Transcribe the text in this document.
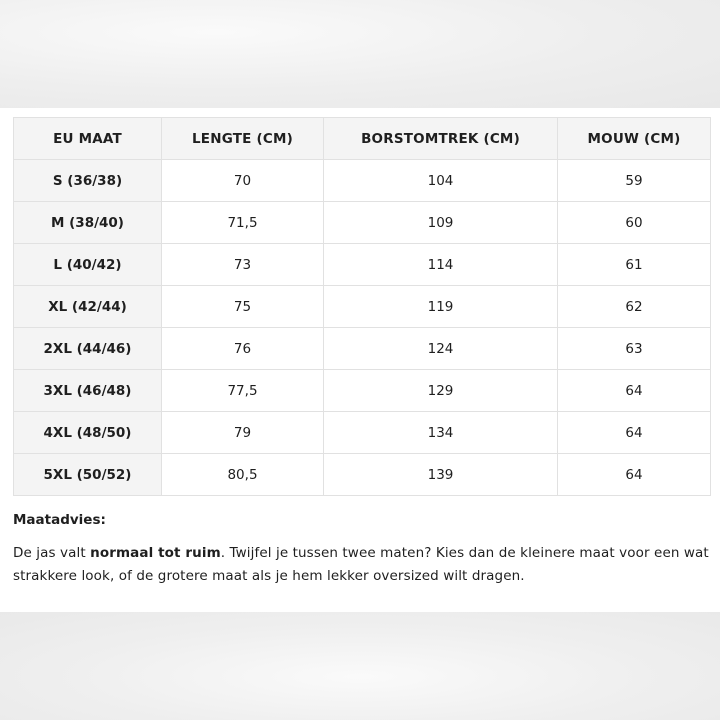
EU MAAT	LENGTE (CM)	BORSTOMTREK (CM)	MOUW (CM)
S (36/38)	70	104	59
M (38/40)	71,5	109	60
L (40/42)	73	114	61
XL (42/44)	75	119	62
2XL (44/46)	76	124	63
3XL (46/48)	77,5	129	64
4XL (48/50)	79	134	64
5XL (50/52)	80,5	139	64

Maatadvies:

De jas valt normaal tot ruim. Twijfel je tussen twee maten? Kies dan de kleinere maat voor een wat strakkere look, of de grotere maat als je hem lekker oversized wilt dragen.
